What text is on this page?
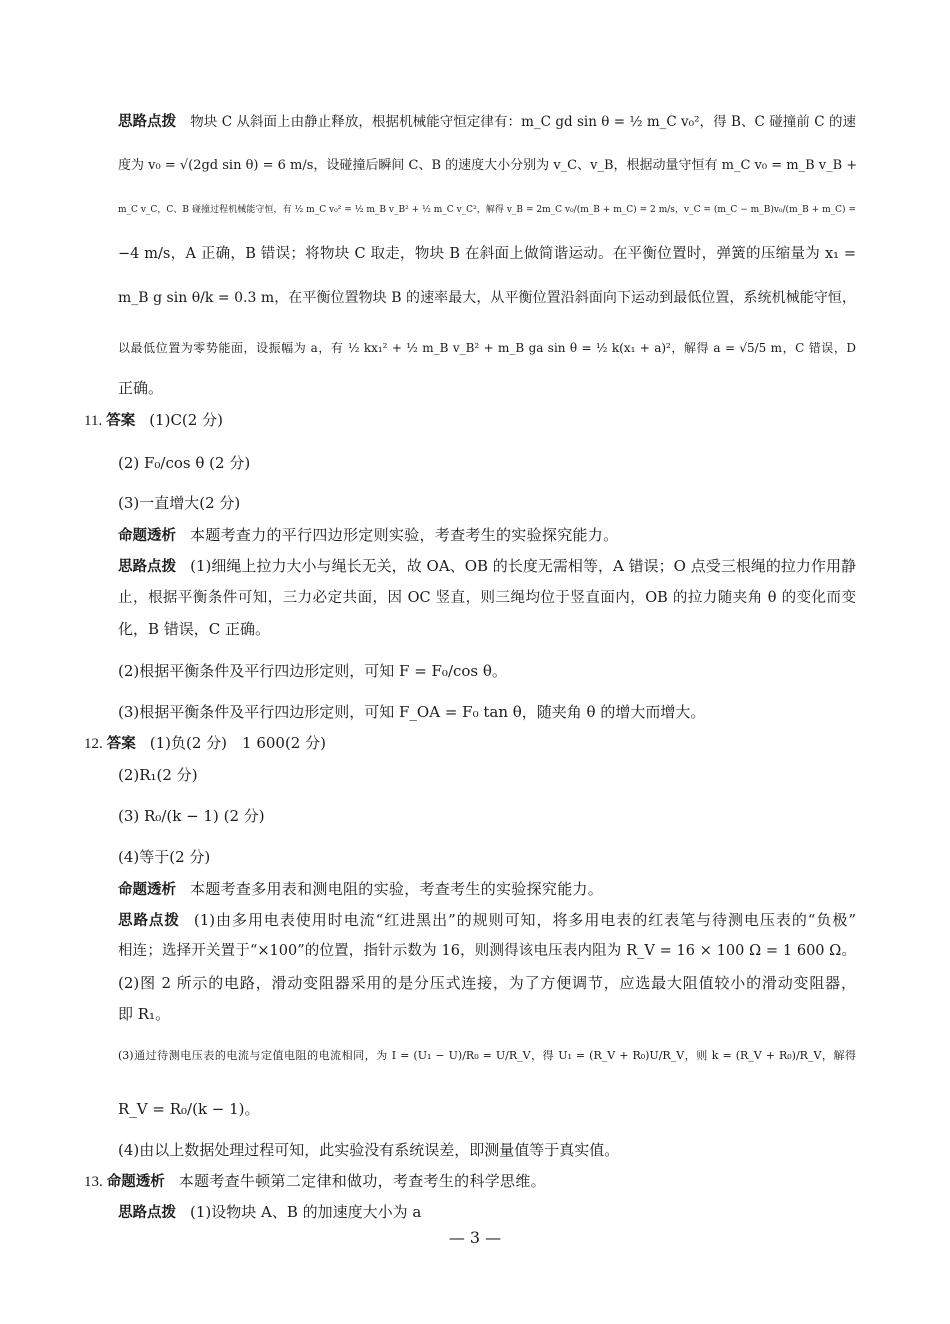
思路点拨 物块 C 从斜面上由静止释放，根据机械能守恒定律有：m_C gd sin θ = ½ m_C v₀²，得 B、C 碰撞前 C 的速
度为 v₀ = √(2gd sin θ) = 6 m/s，设碰撞后瞬间 C、B 的速度大小分别为 v_C、v_B，根据动量守恒有 m_C v₀ = m_B v_B +
m_C v_C，C、B 碰撞过程机械能守恒，有 ½ m_C v₀² = ½ m_B v_B² + ½ m_C v_C²，解得 v_B = 2m_C v₀/(m_B + m_C) = 2 m/s，v_C = (m_C − m_B)v₀/(m_B + m_C) =
−4 m/s，A 正确，B 错误；将物块 C 取走，物块 B 在斜面上做简谐运动。在平衡位置时，弹簧的压缩量为 x₁ =
m_B g sin θ/k = 0.3 m，在平衡位置物块 B 的速率最大，从平衡位置沿斜面向下运动到最低位置，系统机械能守恒，
以最低位置为零势能面，设振幅为 a，有 ½ kx₁² + ½ m_B v_B² + m_B ga sin θ = ½ k(x₁ + a)²，解得 a = √5/5 m，C 错误，D
正确。
11. 答案 (1)C(2 分)
(2) F₀/cos θ (2 分)
(3)一直增大(2 分)
命题透析 本题考查力的平行四边形定则实验，考查考生的实验探究能力。
思路点拨 (1)细绳上拉力大小与绳长无关，故 OA、OB 的长度无需相等，A 错误；O 点受三根绳的拉力作用静
止，根据平衡条件可知，三力必定共面，因 OC 竖直，则三绳均位于竖直面内，OB 的拉力随夹角 θ 的变化而变
化，B 错误，C 正确。
(2)根据平衡条件及平行四边形定则，可知 F = F₀/cos θ。
(3)根据平衡条件及平行四边形定则，可知 F_OA = F₀ tan θ，随夹角 θ 的增大而增大。
12. 答案 (1)负(2 分)　1 600(2 分)
(2)R₁(2 分)
(3) R₀/(k − 1) (2 分)
(4)等于(2 分)
命题透析 本题考查多用表和测电阻的实验，考查考生的实验探究能力。
思路点拨 (1)由多用电表使用时电流“红进黑出”的规则可知，将多用电表的红表笔与待测电压表的“负极”
相连；选择开关置于“×100”的位置，指针示数为 16，则测得该电压表内阻为 R_V = 16 × 100 Ω = 1 600 Ω。
(2)图 2 所示的电路，滑动变阻器采用的是分压式连接，为了方便调节，应选最大阻值较小的滑动变阻器，
即 R₁。
(3)通过待测电压表的电流与定值电阻的电流相同，为 I = (U₁ − U)/R₀ = U/R_V，得 U₁ = (R_V + R₀)U/R_V，则 k = (R_V + R₀)/R_V，解得
R_V = R₀/(k − 1)。
(4)由以上数据处理过程可知，此实验没有系统误差，即测量值等于真实值。
13. 命题透析 本题考查牛顿第二定律和做功，考查考生的科学思维。
思路点拨 (1)设物块 A、B 的加速度大小为 a
— 3 —
